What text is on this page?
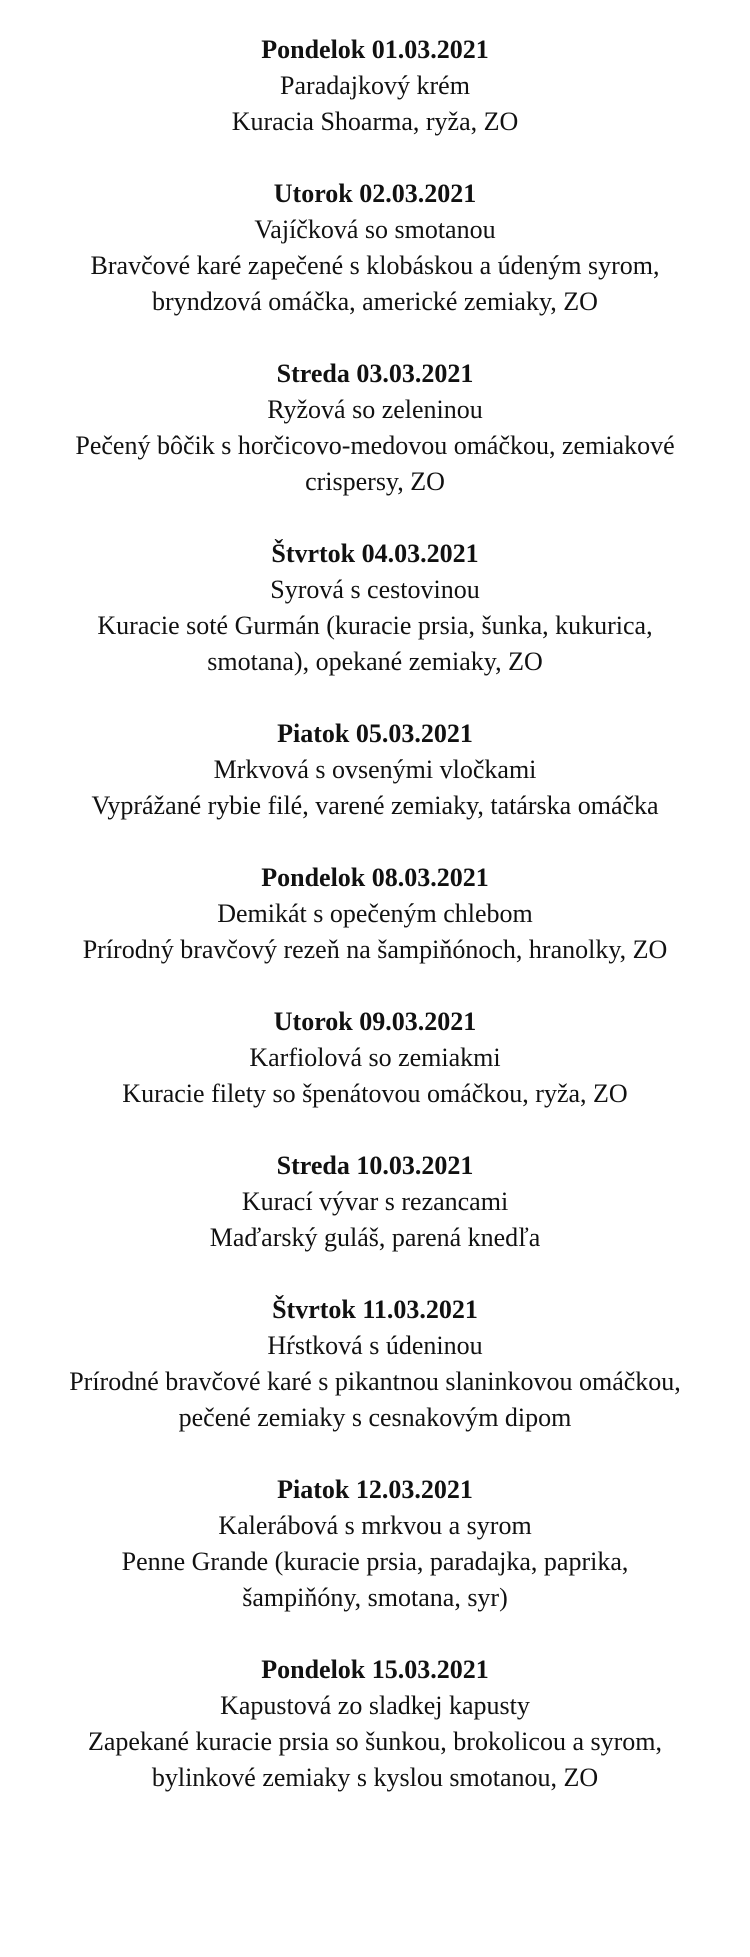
Pondelok 01.03.2021
Paradajkový krém
Kuracia Shoarma, ryža, ZO
Utorok 02.03.2021
Vajíčková so smotanou
Bravčové karé zapečené s klobáskou a údeným syrom,
bryndzová omáčka, americké zemiaky, ZO
Streda 03.03.2021
Ryžová so zeleninou
Pečený bôčik s horčicovo-medovou omáčkou, zemiakové
crispersy, ZO
Štvrtok 04.03.2021
Syrová s cestovinou
Kuracie soté Gurmán (kuracie prsia, šunka, kukurica,
smotana), opekané zemiaky, ZO
Piatok 05.03.2021
Mrkvová s ovsenými vločkami
Vyprážané rybie filé, varené zemiaky, tatárska omáčka
Pondelok 08.03.2021
Demikát s opečeným chlebom
Prírodný bravčový rezeň na šampiňónoch, hranolky, ZO
Utorok 09.03.2021
Karfiolová so zemiakmi
Kuracie filety so špenátovou omáčkou, ryža, ZO
Streda 10.03.2021
Kurací vývar s rezancami
Maďarský guláš, parená knedľa
Štvrtok 11.03.2021
Hŕstková s údeninou
Prírodné bravčové karé s pikantnou slaninkovou omáčkou,
pečené zemiaky s cesnakovým dipom
Piatok 12.03.2021
Kalerábová s mrkvou a syrom
Penne Grande (kuracie prsia, paradajka, paprika,
šampiňóny, smotana, syr)
Pondelok 15.03.2021
Kapustová zo sladkej kapusty
Zapekané kuracie prsia so šunkou, brokolicou a syrom,
bylinkové zemiaky s kyslou smotanou, ZO
